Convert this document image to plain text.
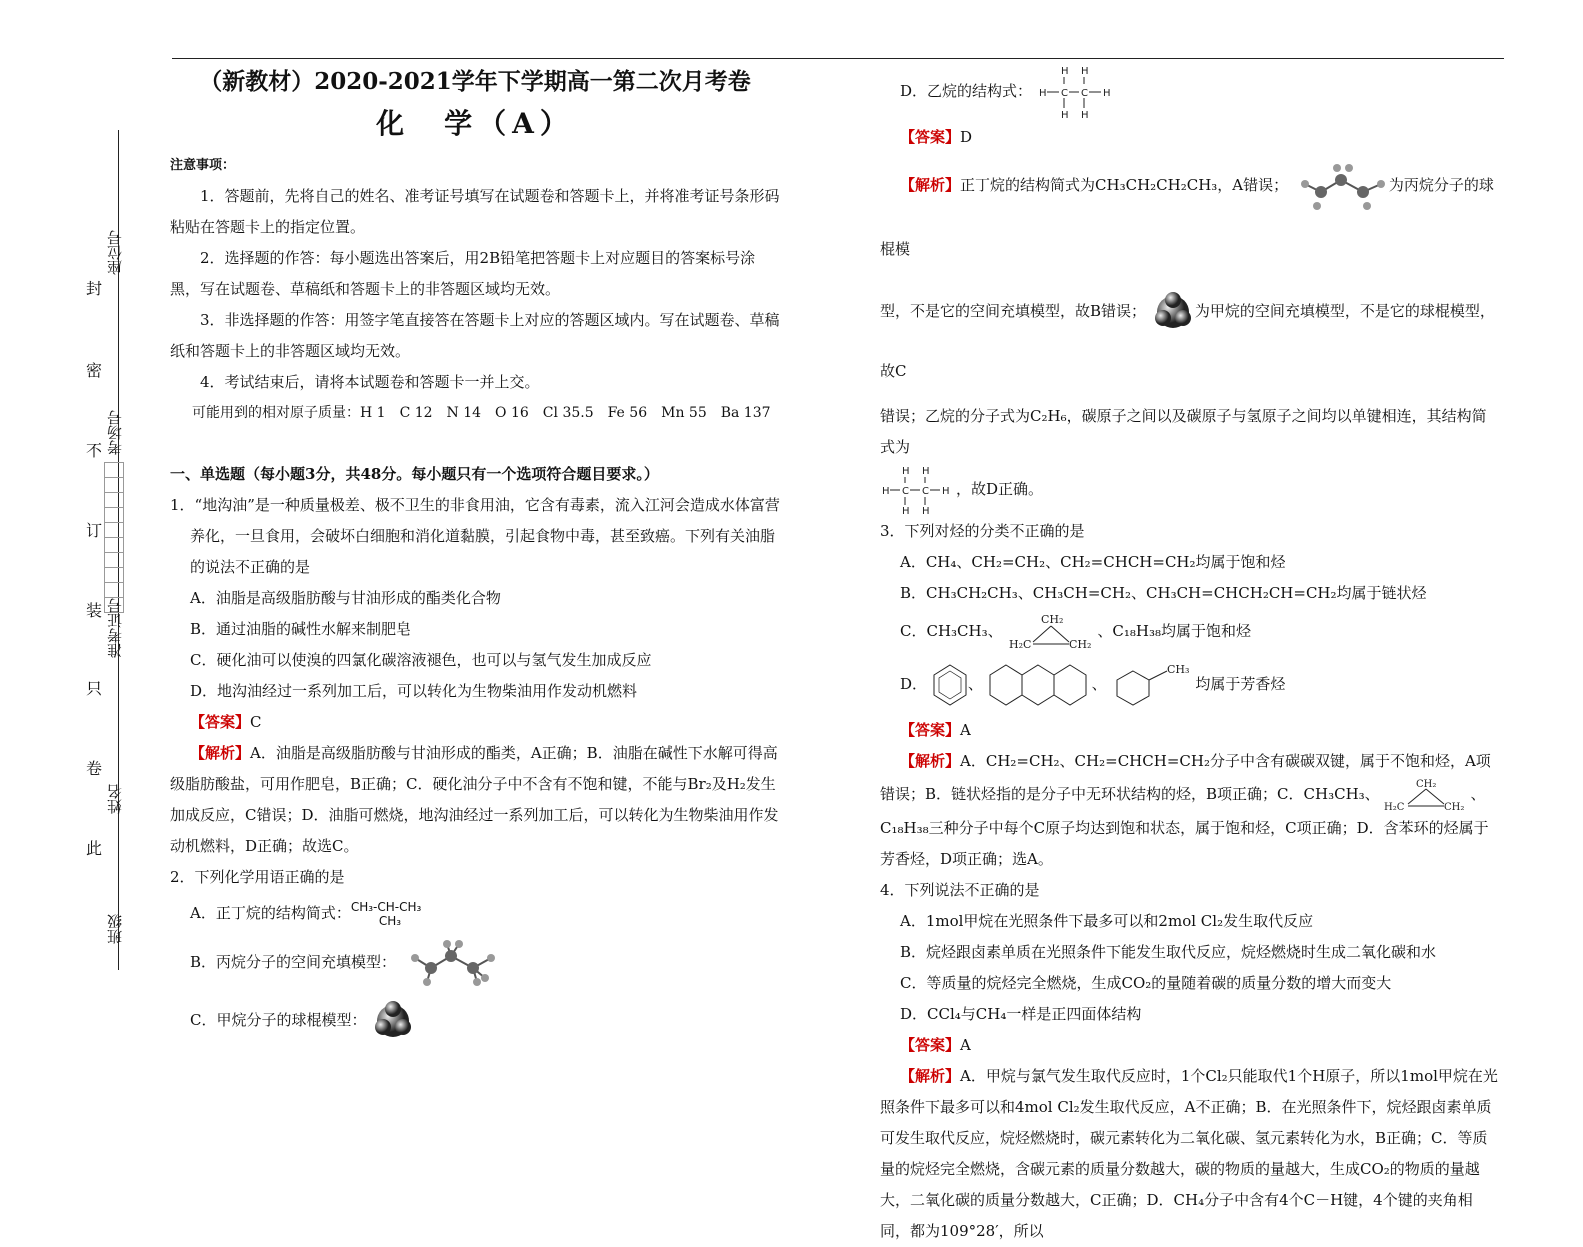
封
密
不
订
装
只
卷
此
座位号
考场号
准考证号
姓名
班级
（新教材）2020-2021学年下学期高一第二次月考卷
化　学（A）

注意事项：

1．答题前，先将自己的姓名、准考证号填写在试题卷和答题卡上，并将准考证号条形码粘贴在答题卡上的指定位置。

2．选择题的作答：每小题选出答案后，用2B铅笔把答题卡上对应题目的答案标号涂黑，写在试题卷、草稿纸和答题卡上的非答题区域均无效。

3．非选择题的作答：用签字笔直接答在答题卡上对应的答题区域内。写在试题卷、草稿纸和答题卡上的非答题区域均无效。

4．考试结束后，请将本试题卷和答题卡一并上交。

可能用到的相对原子质量：H 1　C 12　N 14　O 16　Cl 35.5　Fe 56　Mn 55　Ba 137

一、单选题（每小题3分，共48分。每小题只有一个选项符合题目要求。）

1．“地沟油”是一种质量极差、极不卫生的非食用油，它含有毒素，流入江河会造成水体富营养化，一旦食用，会破坏白细胞和消化道黏膜，引起食物中毒，甚至致癌。下列有关油脂的说法不正确的是

A．油脂是高级脂肪酸与甘油形成的酯类化合物

B．通过油脂的碱性水解来制肥皂

C．硬化油可以使溴的四氯化碳溶液褪色，也可以与氢气发生加成反应

D．地沟油经过一系列加工后，可以转化为生物柴油用作发动机燃料

【答案】C

【解析】A．油脂是高级脂肪酸与甘油形成的酯类，A正确；B．油脂在碱性下水解可得高级脂肪酸盐，可用作肥皂，B正确；C．硬化油分子中不含有不饱和键，不能与Br₂及H₂发生加成反应，C错误；D．油脂可燃烧，地沟油经过一系列加工后，可以转化为生物柴油用作发动机燃料，D正确；故选C。

2．下列化学用语正确的是

A．正丁烷的结构简式：CH₃-CH-CH₃
CH₃

B．丙烷分子的空间充填模型：

C．甲烷分子的球棍模型：

D．乙烷的结构式： H C C H
H H
H H

【答案】D

【解析】正丁烷的结构简式为CH₃CH₂CH₂CH₃，A错误；	为丙烷分子的球棍模

型，不是它的空间充填模型，故B错误；	为甲烷的空间充填模型，不是它的球棍模型，故C

错误；乙烷的分子式为C₂H₆，碳原子之间以及碳原子与氢原子之间均以单键相连，其结构简式为

H C C H
H H
H H
，故D正确。

3．下列对烃的分类不正确的是

A．CH₄、CH₂=CH₂、CH₂=CHCH=CH₂均属于饱和烃

B．CH₃CH₂CH₃、CH₃CH=CH₂、CH₃CH=CHCH₂CH=CH₂均属于链状烃

C．CH₃CH₃、
CH₂
H₂C	CH₂
、C₁₈H₃₈均属于饱和烃

D．	、	、
CH₃
均属于芳香烃

【答案】A

【解析】A．CH₂=CH₂、CH₂=CHCH=CH₂分子中含有碳碳双键，属于不饱和烃，A项错误；B．链状烃指的是分子中无环状结构的烃，B项正确；C．CH₃CH₃、
CH₂
H₂C	CH₂
、C₁₈H₃₈三种分子中每个C原子均达到饱和状态，属于饱和烃，C项正确；D．含苯环的烃属于芳香烃，D项正确；选A。

4．下列说法不正确的是

A．1mol甲烷在光照条件下最多可以和2mol Cl₂发生取代反应

B．烷烃跟卤素单质在光照条件下能发生取代反应，烷烃燃烧时生成二氧化碳和水

C．等质量的烷烃完全燃烧，生成CO₂的量随着碳的质量分数的增大而变大

D．CCl₄与CH₄一样是正四面体结构

【答案】A

【解析】A．甲烷与氯气发生取代反应时，1个Cl₂只能取代1个H原子，所以1mol甲烷在光照条件下最多可以和4mol Cl₂发生取代反应，A不正确；B．在光照条件下，烷烃跟卤素单质可发生取代反应，烷烃燃烧时，碳元素转化为二氧化碳、氢元素转化为水，B正确；C．等质量的烷烃完全燃烧，含碳元素的质量分数越大，碳的物质的量越大，生成CO₂的物质的量越大，二氧化碳的质量分数越大，C正确；D．CH₄分子中含有4个C－H键，4个键的夹角相同，都为109°28′，所以
